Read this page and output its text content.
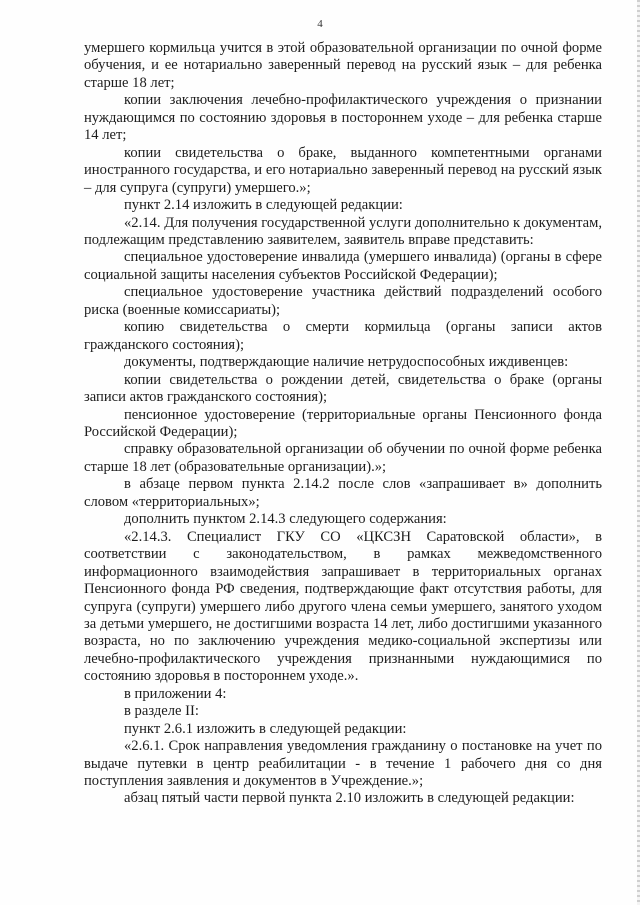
4

умершего кормильца учится в этой образовательной организации по очной форме обучения, и ее нотариально заверенный перевод на русский язык – для ребенка старше 18 лет;

копии заключения лечебно-профилактического учреждения о признании нуждающимся по состоянию здоровья в постороннем уходе – для ребенка старше 14 лет;

копии свидетельства о браке, выданного компетентными органами иностранного государства, и его нотариально заверенный перевод на русский язык – для супруга (супруги) умершего.»;

пункт 2.14 изложить в следующей редакции:

«2.14. Для получения государственной услуги дополнительно к документам, подлежащим представлению заявителем, заявитель вправе представить:

специальное удостоверение инвалида (умершего инвалида) (органы в сфере социальной защиты населения субъектов Российской Федерации);

специальное удостоверение участника действий подразделений особого риска (военные комиссариаты);

копию свидетельства о смерти кормильца (органы записи актов гражданского состояния);

документы, подтверждающие наличие нетрудоспособных иждивенцев:

копии свидетельства о рождении детей, свидетельства о браке (органы записи актов гражданского состояния);

пенсионное удостоверение (территориальные органы Пенсионного фонда Российской Федерации);

справку образовательной организации об обучении по очной форме ребенка старше 18 лет (образовательные организации).»;

в абзаце первом пункта 2.14.2 после слов «запрашивает в» дополнить словом «территориальных»;

дополнить пунктом 2.14.3 следующего содержания:

«2.14.3. Специалист ГКУ СО «ЦКСЗН Саратовской области», в соответствии с законодательством, в рамках межведомственного информационного взаимодействия запрашивает в территориальных органах Пенсионного фонда РФ сведения, подтверждающие факт отсутствия работы, для супруга (супруги) умершего либо другого члена семьи умершего, занятого уходом за детьми умершего, не достигшими возраста 14 лет, либо достигшими указанного возраста, но по заключению учреждения медико-социальной экспертизы или лечебно-профилактического учреждения признанными нуждающимися по состоянию здоровья в постороннем уходе.».

в приложении 4:

в разделе II:

пункт 2.6.1 изложить в следующей редакции:

«2.6.1. Срок направления уведомления гражданину о постановке на учет по выдаче путевки в центр реабилитации - в течение 1 рабочего дня со дня поступления заявления и документов в Учреждение.»;

абзац пятый части первой пункта 2.10 изложить в следующей редакции:
